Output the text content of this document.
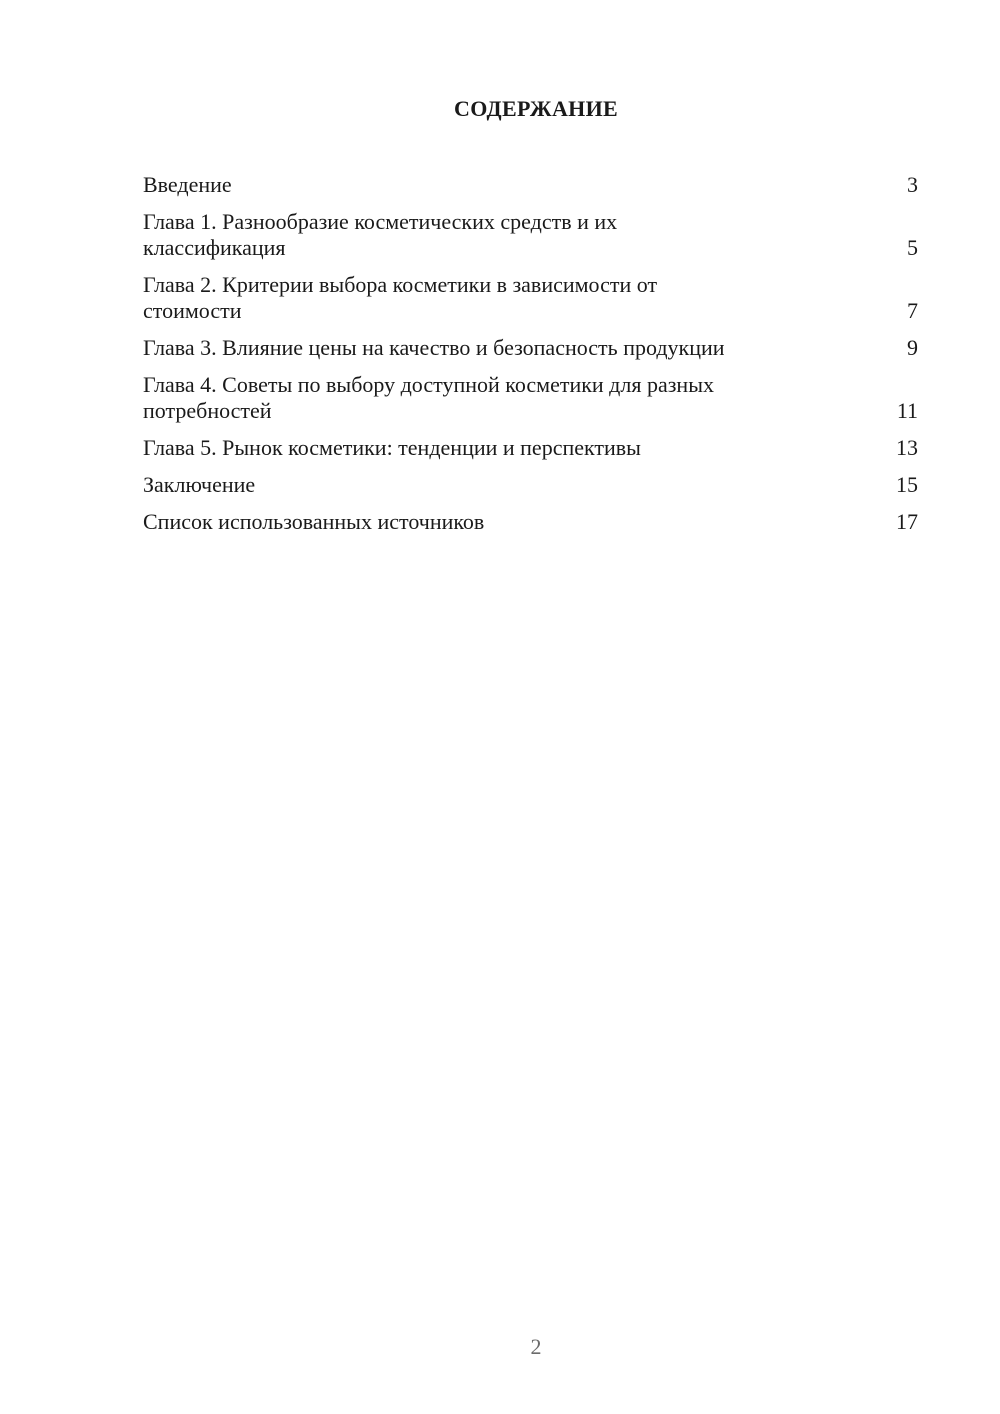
СОДЕРЖАНИЕ
Введение	3
Глава 1. Разнообразие косметических средств и их
классификация	5
Глава 2. Критерии выбора косметики в зависимости от
стоимости	7
Глава 3. Влияние цены на качество и безопасность продукции	9
Глава 4. Советы по выбору доступной косметики для разных
потребностей	11
Глава 5. Рынок косметики: тенденции и перспективы	13
Заключение	15
Список использованных источников	17
2
